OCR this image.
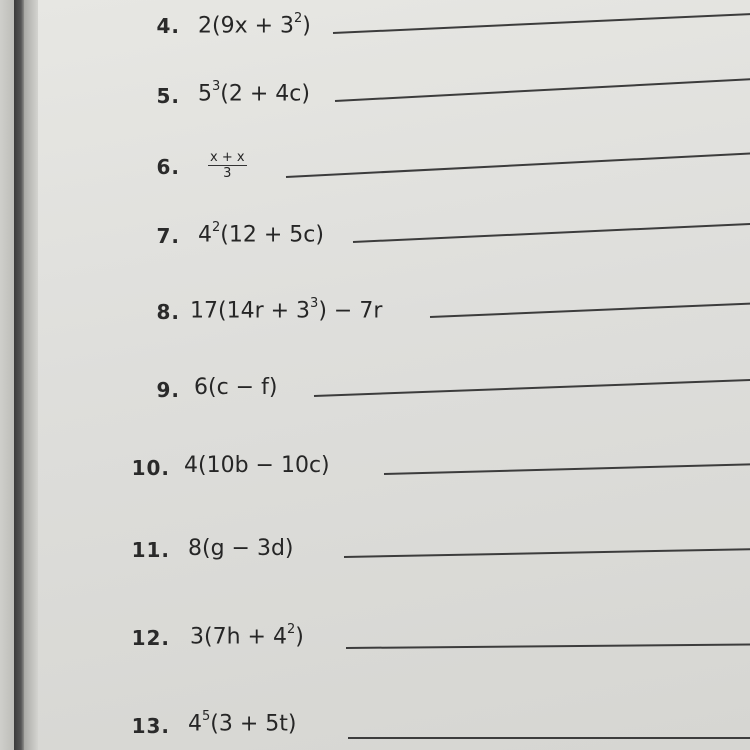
4. $2(9x + 3^2)$
5. $5^3(2 + 4c)$
6. $\frac{x + x}{3}$
7. $4^2(12 + 5c)$
8. $17(14r + 3^3) - 7r$
9. 6(c − f)
10. 4(10b − 10c)
11. 8(g − 3d)
12. $3(7h + 4^2)$
13. $4^5(3 + 5t)$
